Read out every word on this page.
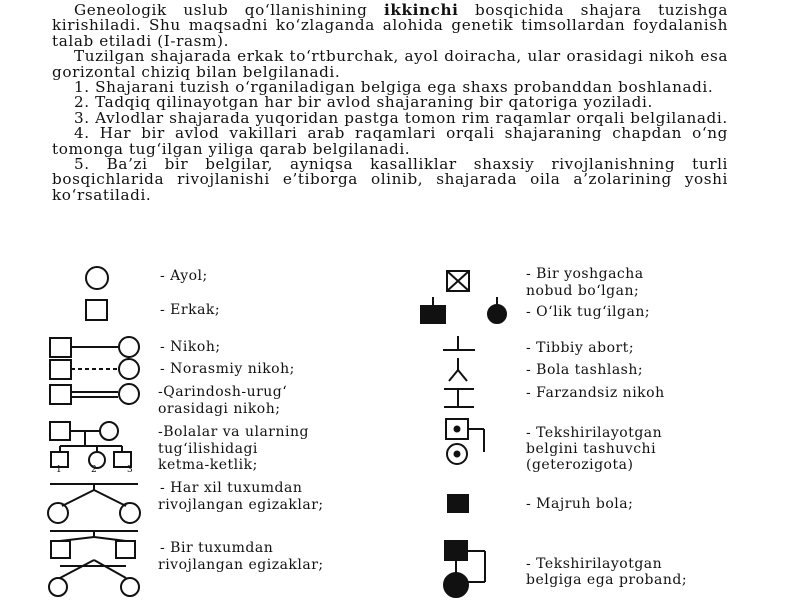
Geneologik uslub qo‘llanishining ikkinchi bosqichida shajara tuzishga kirishiladi. Shu maqsadni ko‘zlaganda alohida genetik timsollardan foydalanish talab etiladi (I-rasm).

Tuzilgan shajarada erkak to‘rtburchak, ayol doiracha, ular orasidagi nikoh esa gorizontal chiziq bilan belgilanadi.

1. Shajarani tuzish o‘rganiladigan belgiga ega shaxs probanddan boshlanadi.

2. Tadqiq qilinayotgan har bir avlod shajaraning bir qatoriga yoziladi.

3. Avlodlar shajarada yuqoridan pastga tomon rim raqamlar orqali belgilanadi.

4. Har bir avlod vakillari arab raqamlari orqali shajaraning chapdan o‘ng tomonga tug‘ilgan yiliga qarab belgilanadi.

5. Ba’zi bir belgilar, ayniqsa kasalliklar shaxsiy rivojlanishning turli bosqichlarida rivojlanishi e’tiborga olinib, shajarada oila a’zolarining yoshi ko‘rsatiladi.

1	2	3
- Ayol;
- Erkak;
- Nikoh;
- Norasmiy nikoh;
-Qarindosh-urug‘
orasidagi nikoh;
-Bolalar va ularning
tug‘ilishidagi
ketma-ketlik;
- Har xil tuxumdan
rivojlangan egizaklar;
- Bir tuxumdan
rivojlangan egizaklar;
- Bir yoshgacha
nobud bo‘lgan;
- O‘lik tug‘ilgan;
- Tibbiy abort;
- Bola tashlash;
- Farzandsiz nikoh
- Tekshirilayotgan
belgini tashuvchi
(geterozigota)
- Majruh bola;
- Tekshirilayotgan
belgiga ega proband;
